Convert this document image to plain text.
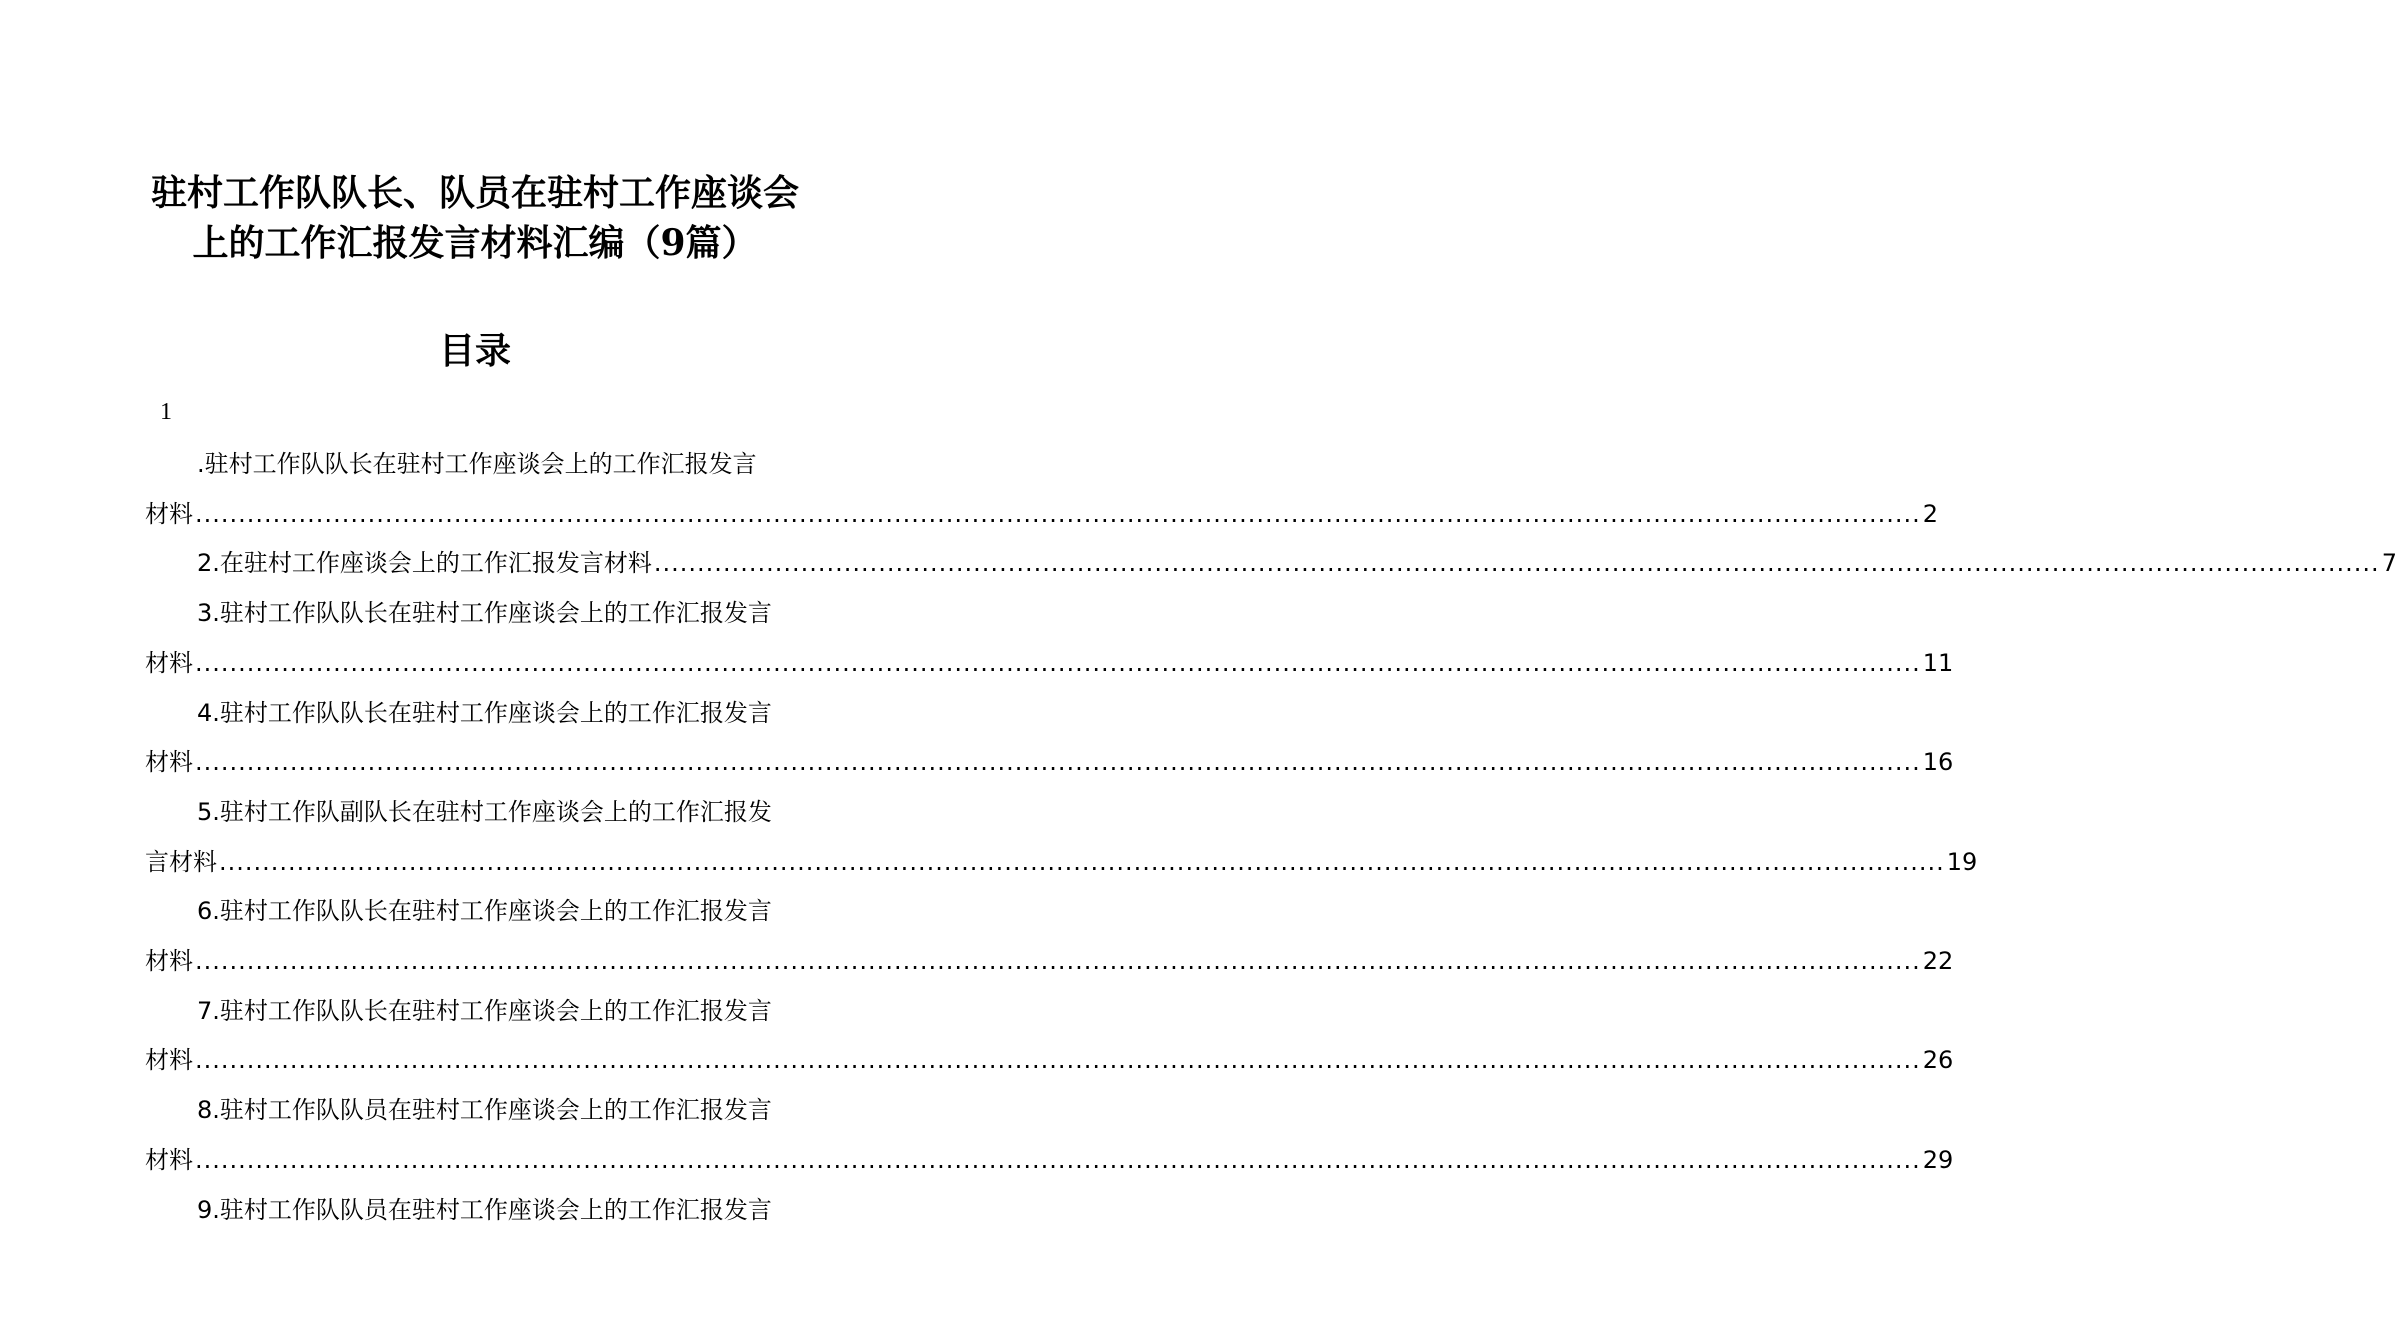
驻村工作队队长、队员在驻村工作座谈会
上的工作汇报发言材料汇编（9篇）
目录
1
.驻村工作队队长在驻村工作座谈会上的工作汇报发言
材料 ........................................................................................................................................................................................................ 2
2.在驻村工作座谈会上的工作汇报发言材料 ........................................................................................................................................................................................................ 7
3.驻村工作队队长在驻村工作座谈会上的工作汇报发言
材料 ........................................................................................................................................................................................................ 11
4.驻村工作队队长在驻村工作座谈会上的工作汇报发言
材料 ........................................................................................................................................................................................................ 16
5.驻村工作队副队长在驻村工作座谈会上的工作汇报发
言材料 ........................................................................................................................................................................................................ 19
6.驻村工作队队长在驻村工作座谈会上的工作汇报发言
材料 ........................................................................................................................................................................................................ 22
7.驻村工作队队长在驻村工作座谈会上的工作汇报发言
材料 ........................................................................................................................................................................................................ 26
8.驻村工作队队员在驻村工作座谈会上的工作汇报发言
材料 ........................................................................................................................................................................................................ 29
9.驻村工作队队员在驻村工作座谈会上的工作汇报发言
